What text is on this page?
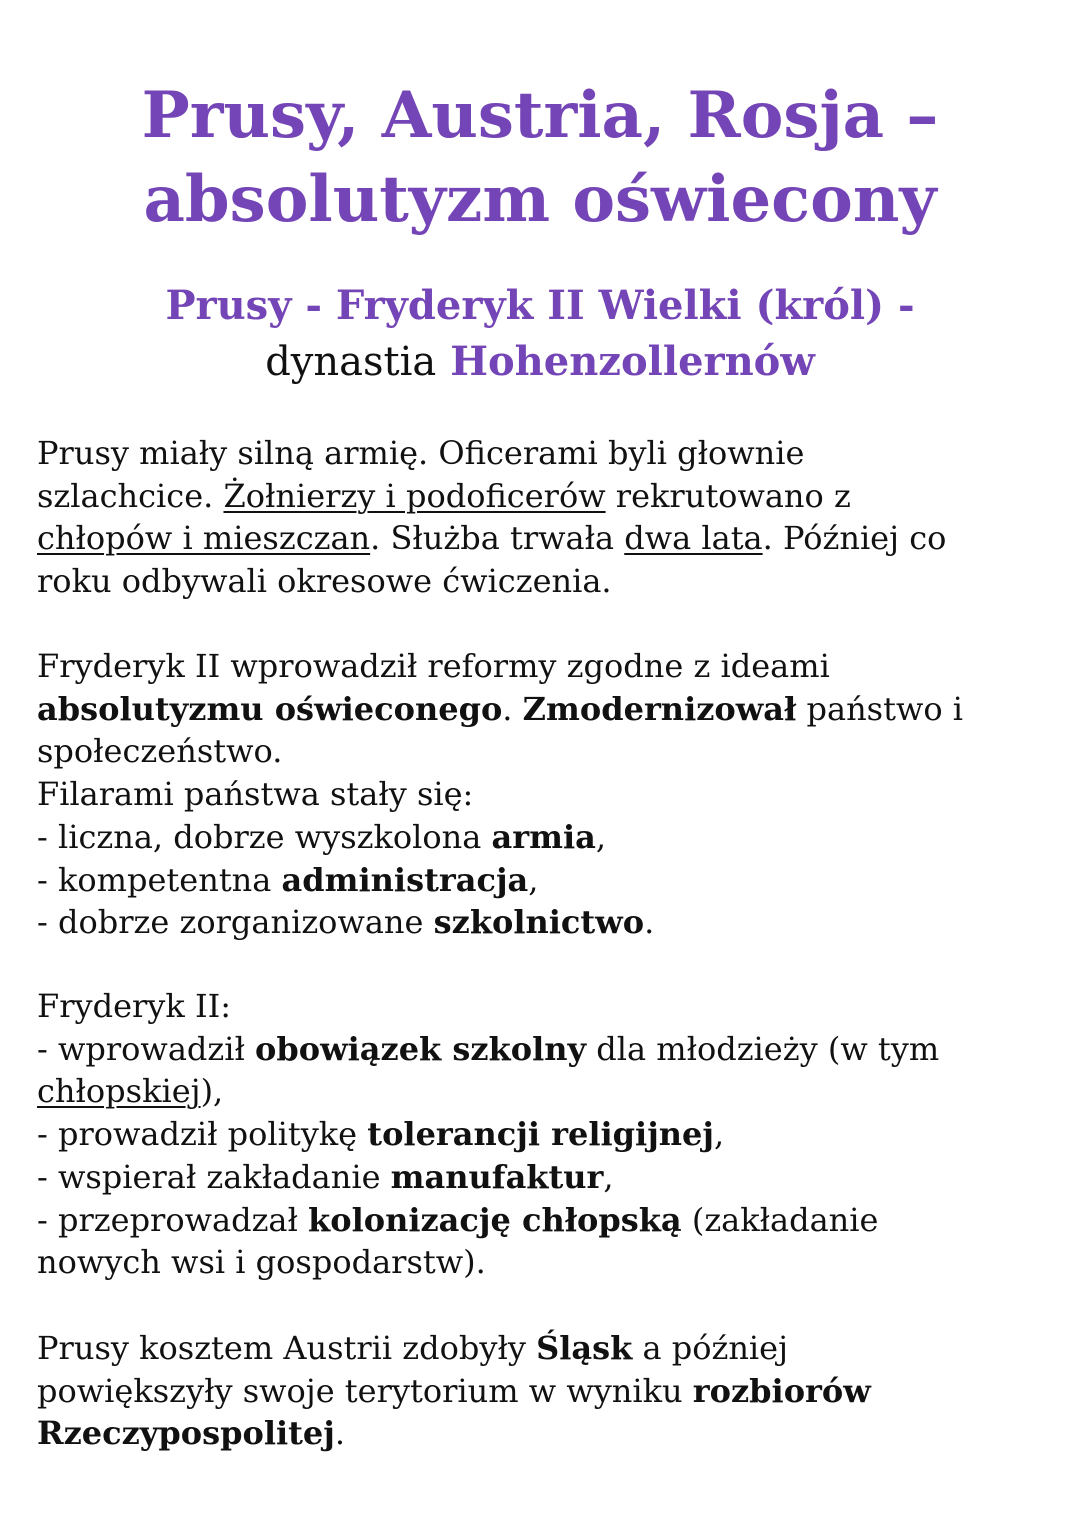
Prusy, Austria, Rosja –
absolutyzm oświecony
Prusy - Fryderyk II Wielki (król) -
dynastia Hohenzollernów
Prusy miały silną armię. Oficerami byli głownie
szlachcice. Żołnierzy i podoficerów rekrutowano z
chłopów i mieszczan. Służba trwała dwa lata. Później co
roku odbywali okresowe ćwiczenia.
Fryderyk II wprowadził reformy zgodne z ideami
absolutyzmu oświeconego. Zmodernizował państwo i
społeczeństwo.
Filarami państwa stały się:
- liczna, dobrze wyszkolona armia,
- kompetentna administracja,
- dobrze zorganizowane szkolnictwo.
Fryderyk II:
- wprowadził obowiązek szkolny dla młodzieży (w tym
chłopskiej),
- prowadził politykę tolerancji religijnej,
- wspierał zakładanie manufaktur,
- przeprowadzał kolonizację chłopską (zakładanie
nowych wsi i gospodarstw).
Prusy kosztem Austrii zdobyły Śląsk a później
powiększyły swoje terytorium w wyniku rozbiorów
Rzeczypospolitej.
